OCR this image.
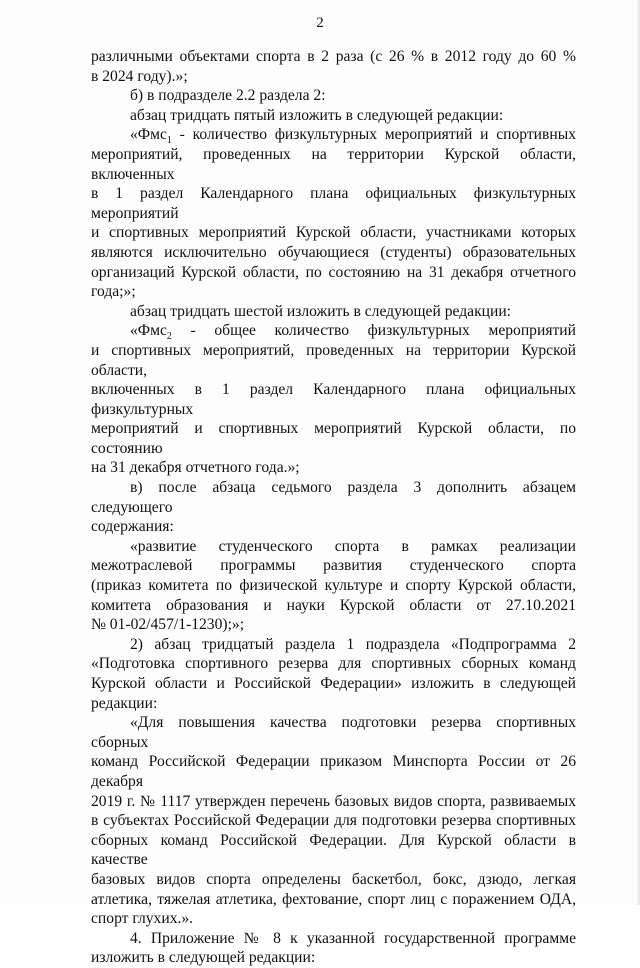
2

различными объектами спорта в 2 раза (с 26 % в 2012 году до 60 %

в 2024 году).»;

б) в подразделе 2.2 раздела 2:

абзац тридцать пятый изложить в следующей редакции:

«Фмс$_1$ - количество физкультурных мероприятий и спортивных

мероприятий, проведенных на территории Курской области, включенных

в 1 раздел Календарного плана официальных физкультурных мероприятий

и спортивных мероприятий Курской области, участниками которых

являются исключительно обучающиеся (студенты) образовательных

организаций Курской области, по состоянию на 31 декабря отчетного

года;»;

абзац тридцать шестой изложить в следующей редакции:

«Фмс$_2$ - общее количество физкультурных мероприятий

и спортивных мероприятий, проведенных на территории Курской области,

включенных в 1 раздел Календарного плана официальных физкультурных

мероприятий и спортивных мероприятий Курской области, по состоянию

на 31 декабря отчетного года.»;

в) после абзаца седьмого раздела 3 дополнить абзацем следующего

содержания:

«развитие студенческого спорта в рамках реализации

межотраслевой программы развития студенческого спорта

(приказ комитета по физической культуре и спорту Курской области,

комитета образования и науки Курской области от 27.10.2021

№ 01-02/457/1-1230);»;

2) абзац тридцатый раздела 1 подраздела «Подпрограмма 2

«Подготовка спортивного резерва для спортивных сборных команд

Курской области и Российской Федерации» изложить в следующей

редакции:

«Для повышения качества подготовки резерва спортивных сборных

команд Российской Федерации приказом Минспорта России от 26 декабря

2019 г. № 1117 утвержден перечень базовых видов спорта, развиваемых

в субъектах Российской Федерации для подготовки резерва спортивных

сборных команд Российской Федерации. Для Курской области в качестве

базовых видов спорта определены баскетбол, бокс, дзюдо, легкая

атлетика, тяжелая атлетика, фехтование, спорт лиц с поражением ОДА,

спорт глухих.».

4. Приложение № 8 к указанной государственной программе

изложить в следующей редакции:
